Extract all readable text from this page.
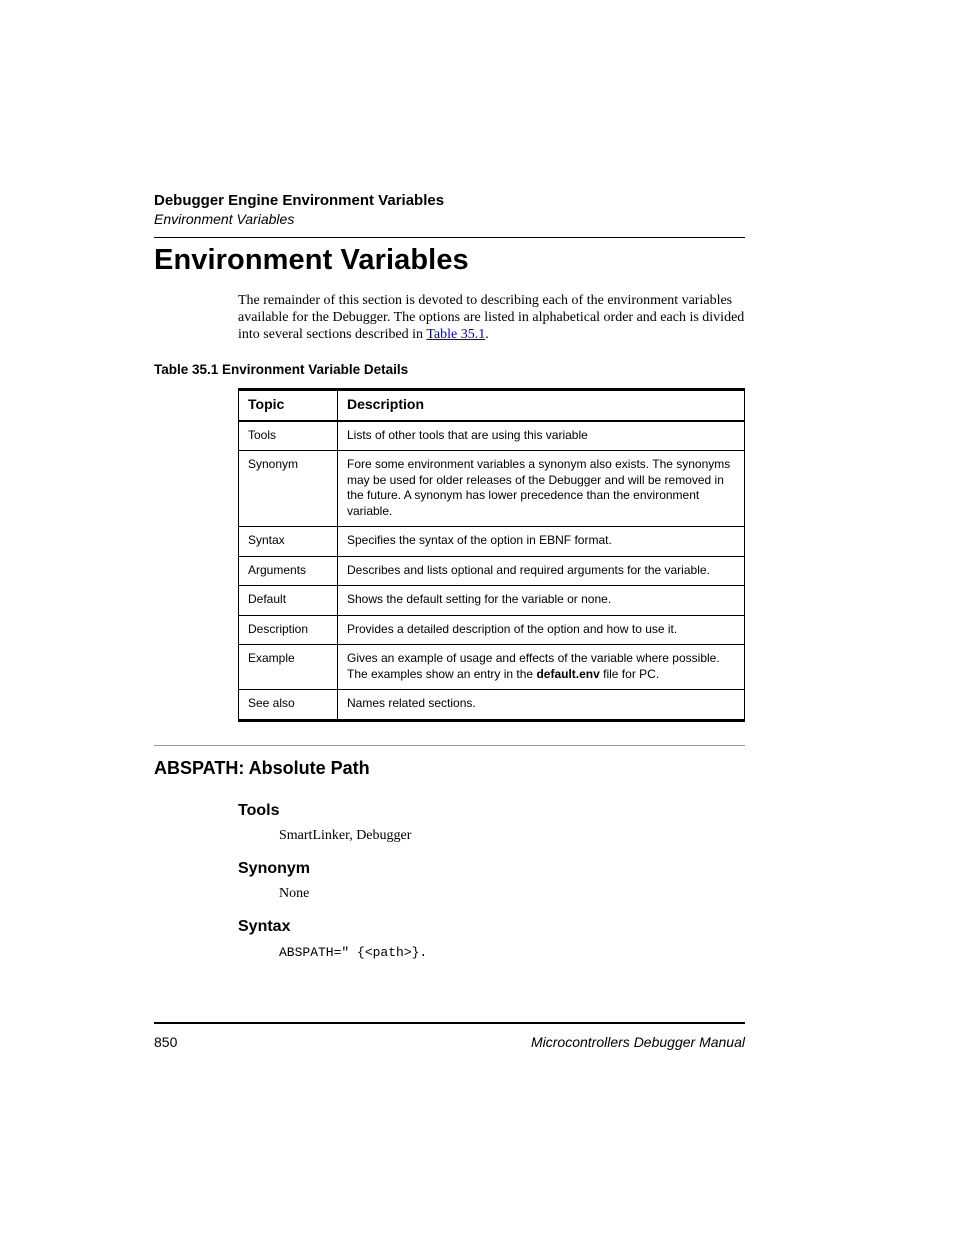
Debugger Engine Environment Variables
Environment Variables
Environment Variables

The remainder of this section is devoted to describing each of the environment variables available for the Debugger. The options are listed in alphabetical order and each is divided into several sections described in Table 35.1.

Table 35.1 Environment Variable Details
Topic	Description
Tools	Lists of other tools that are using this variable
Synonym	Fore some environment variables a synonym also exists. The synonyms may be used for older releases of the Debugger and will be removed in the future. A synonym has lower precedence than the environment variable.
Syntax	Specifies the syntax of the option in EBNF format.
Arguments	Describes and lists optional and required arguments for the variable.
Default	Shows the default setting for the variable or none.
Description	Provides a detailed description of the option and how to use it.
Example	Gives an example of usage and effects of the variable where possible. The examples show an entry in the default.env file for PC.
See also	Names related sections.
ABSPATH: Absolute Path
Tools
SmartLinker, Debugger
Synonym
None
Syntax
ABSPATH=" {<path>}.
850	Microcontrollers Debugger Manual
